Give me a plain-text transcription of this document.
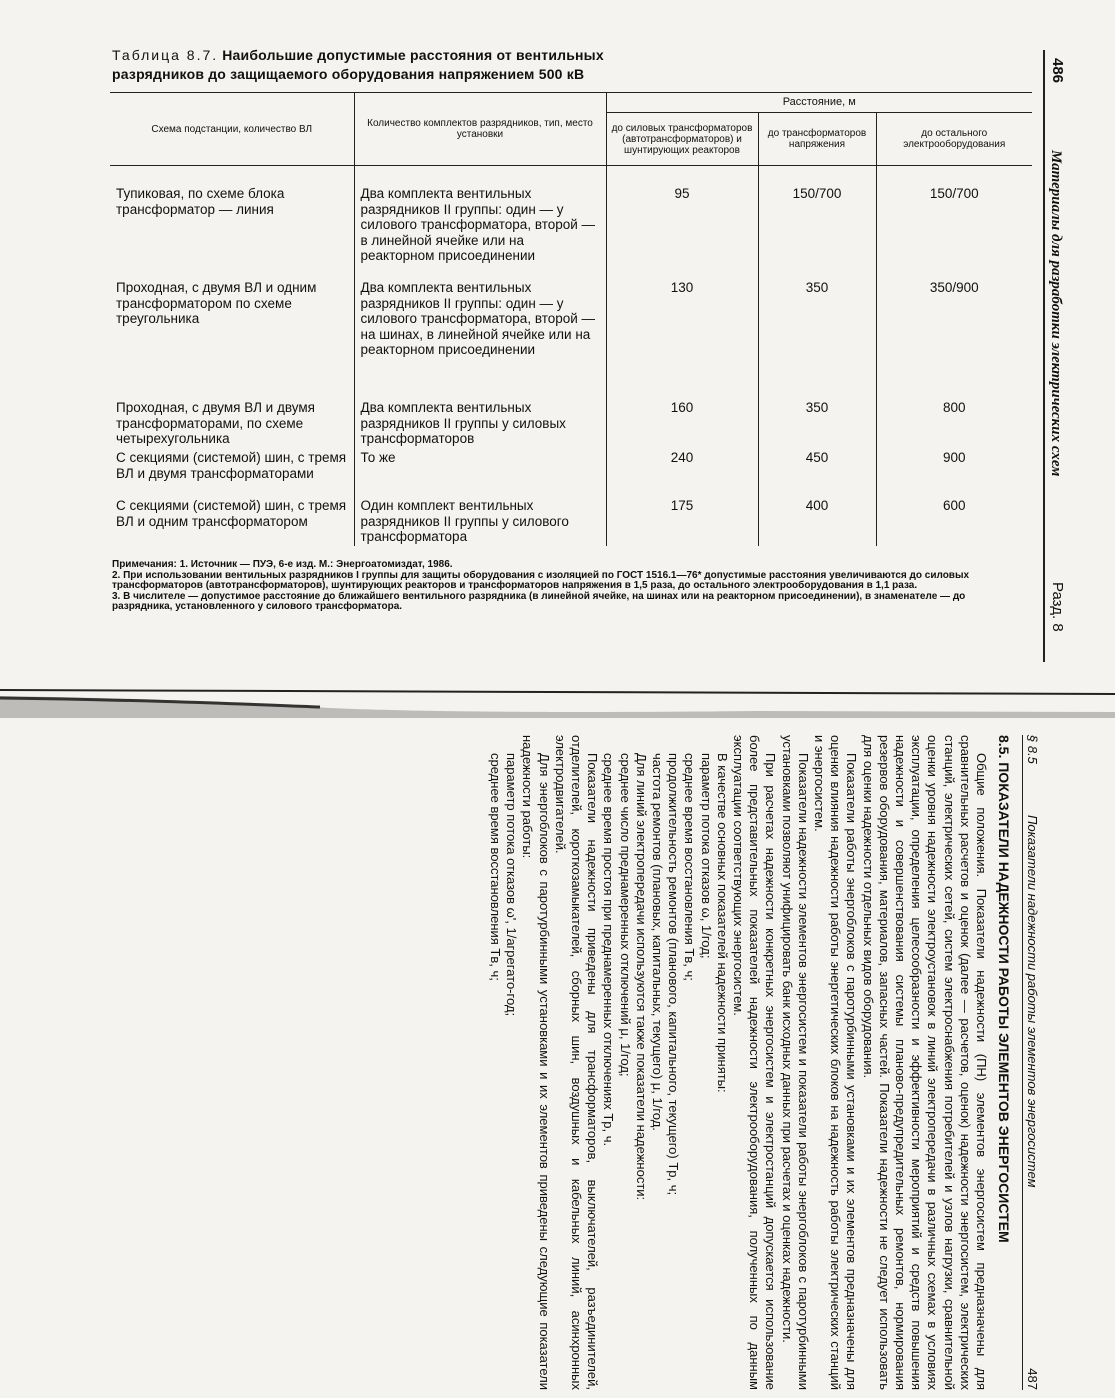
Таблица 8.7. Наибольшие допустимые расстояния от вентильных
разрядников до защищаемого оборудования напряжением 500 кВ	486
Материалы для разработки электрических схем
Разд. 8
Схема подстанции, количество ВЛ	Количество комплектов разрядников, тип, место установки	Расстояние, м		
		до силовых трансформаторов (автотрансформаторов) и шунтирующих реакторов	до трансформаторов напряжения	до остального электрооборудования
Тупиковая, по схеме блока трансформатор — линия	Два комплекта вентильных разрядников II группы: один — у силового трансформатора, второй — в линейной ячейке или на реакторном присоединении	95	150/700	150/700
Проходная, с двумя ВЛ и одним трансформатором по схеме треугольника	Два комплекта вентильных разрядников II группы: один — у силового трансформатора, второй — на шинах, в линейной ячейке или на реакторном присоединении	130	350	350/900
Проходная, с двумя ВЛ и двумя трансформаторами, по схеме четырехугольника	Два комплекта вентильных разрядников II группы у силовых трансформаторов	160	350	800
С секциями (системой) шин, с тремя ВЛ и двумя трансформаторами	То же	240	450	900
С секциями (системой) шин, с тремя ВЛ и одним трансформатором	Один комплект вентильных разрядников II группы у силового трансформатора	175	400	600

Примечания: 1. Источник — ПУЭ, 6-е изд. М.: Энергоатомиздат, 1986.

2. При использовании вентильных разрядников I группы для защиты оборудования с изоляцией по ГОСТ 1516.1—76* допустимые расстояния увеличиваются до силовых трансформаторов (автотрансформаторов), шунтирующих реакторов и трансформаторов напряжения в 1,5 раза, до остального электрооборудования в 1,1 раза.

3. В числителе — допустимое расстояние до ближайшего вентильного разрядника (в линейной ячейке, на шинах или на реакторном присоединении), в знаменателе — до разрядника, установленного у силового трансформатора.

§ 8.5
Показатели надежности работы элементов энергосистем
487
8.5. ПОКАЗАТЕЛИ НАДЕЖНОСТИ РАБОТЫ ЭЛЕМЕНТОВ ЭНЕРГОСИСТЕМ

Общие положения. Показатели надежности (ПН) элементов энергосистем предназначены для сравнительных расчетов и оценок (далее — расчетов, оценок) надежности энергосистем, электрических станций, электрических сетей, систем электроснабжения потребителей и узлов нагрузки, сравнительной оценки уровня надежности электроустановок в линий электропередачи в различных схемах в условиях эксплуатации, определения целесообразности и эффективности мероприятий и средств повышения надежности и совершенствования системы планово-предупредительных ремонтов, нормирования резервов оборудования, материалов, запасных частей. Показатели надежности не следует использовать для оценки надежности отдельных видов оборудования.

Показатели работы энергоблоков с паротурбинными установками и их элементов предназначены для оценки влияния надежности работы энергетических блоков на надежность работы электрических станций и энергосистем.

Показатели надежности элементов энергосистем и показатели работы энергоблоков с паротурбинными установками позволяют унифицировать банк исходных данных при расчетах и оценках надежности.

При расчетах надежности конкретных энергосистем и электростанций допускается использование более представительных показателей надежности электрооборудования, полученных по данным эксплуатации соответствующих энергосистем.

В качестве основных показателей надежности приняты:

параметр потока отказов ω, 1/год;

среднее время восстановления Tв, ч;

продолжительность ремонтов (планового, капитального, текущего) Tр, ч;

частота ремонтов (плановых, капитальных, текущего) μ, 1/год.

Для линий электропередачи используются также показатели надежности:

среднее число преднамеренных отключений μ, 1/год;

среднее время простоя при преднамеренных отключениях Tр, ч.

Показатели надежности приведены для трансформаторов, выключателей, разъединителей, отделителей, короткозамыкателей, сборных шин, воздушных и кабельных линий, асинхронных электродвигателей.

Для энергоблоков с паротурбинными установками и их элементов приведены следующие показатели надежности работы:

параметр потока отказов ω', 1/агрегато-год;

среднее время восстановления Tв, ч;
